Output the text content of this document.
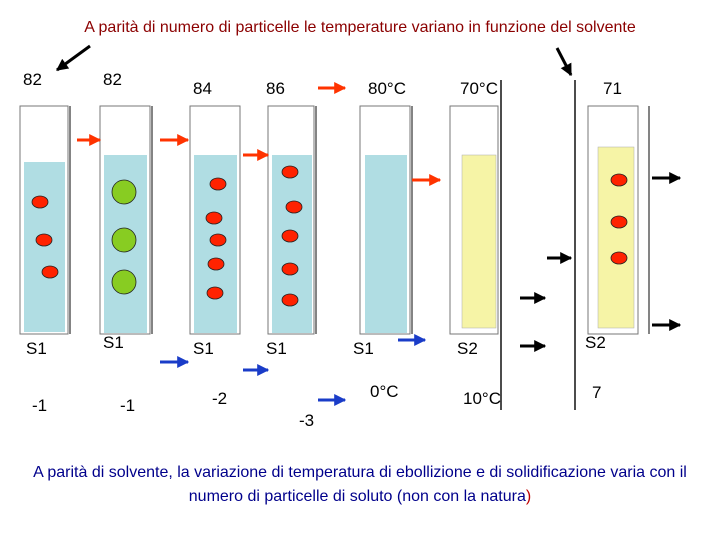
A parità di numero di particelle le temperature variano in funzione del solvente
82	82	84	86	80°C	70°C	71
S1	S1	S1	S1	S1	S2	S2
-1	-1	-2
-3
0°C	10°C	7
A parità di solvente, la variazione di temperatura di ebollizione e di solidificazione varia con il numero di particelle di soluto (non con la natura)
